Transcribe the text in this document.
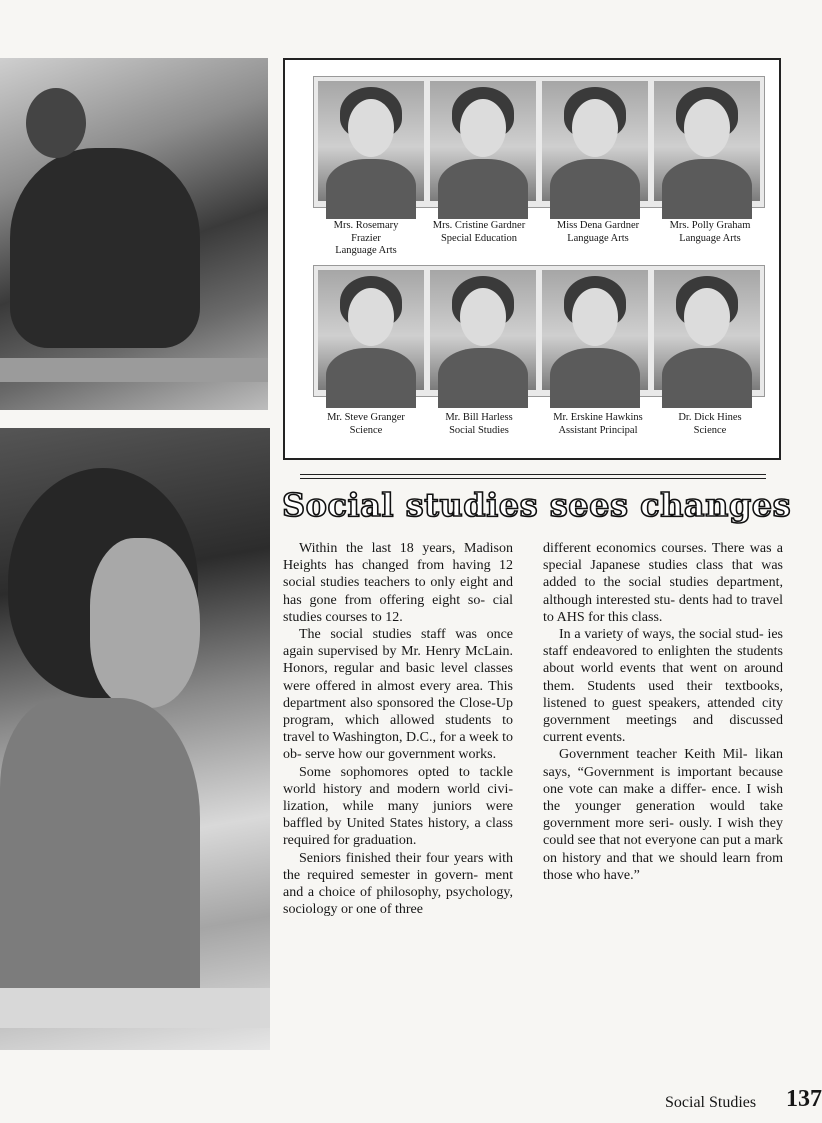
Mrs. Rosemary
Frazier
Language Arts
Mrs. Cristine Gardner
Special Education
Miss Dena Gardner
Language Arts
Mrs. Polly Graham
Language Arts
Mr. Steve Granger
Science
Mr. Bill Harless
Social Studies
Mr. Erskine Hawkins
Assistant Principal
Dr. Dick Hines
Science
Social studies sees changes

Within the last 18 years, Madison Heights has changed from having 12 social studies teachers to only eight and has gone from offering eight so- cial studies courses to 12.

The social studies staff was once again supervised by Mr. Henry McLain. Honors, regular and basic level classes were offered in almost every area. This department also sponsored the Close-Up program, which allowed students to travel to Washington, D.C., for a week to ob- serve how our government works.

Some sophomores opted to tackle world history and modern world civi- lization, while many juniors were baffled by United States history, a class required for graduation.

Seniors finished their four years with the required semester in govern- ment and a choice of philosophy, psychology, sociology or one of three

different economics courses. There was a special Japanese studies class that was added to the social studies department, although interested stu- dents had to travel to AHS for this class.

In a variety of ways, the social stud- ies staff endeavored to enlighten the students about world events that went on around them. Students used their textbooks, listened to guest speakers, attended city government meetings and discussed current events.

Government teacher Keith Mil- likan says, “Government is important because one vote can make a differ- ence. I wish the younger generation would take government more seri- ously. I wish they could see that not everyone can put a mark on history and that we should learn from those who have.”

Social Studies 137
